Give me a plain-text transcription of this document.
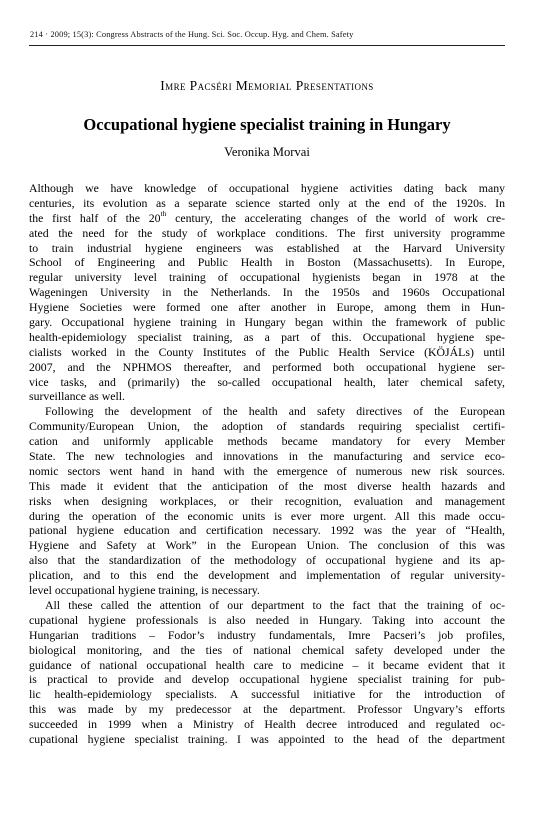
214 · 2009; 15(3): Congress Abstracts of the Hung. Sci. Soc. Occup. Hyg. and Chem. Safety
Imre Pacséri Memorial Presentations
Occupational hygiene specialist training in Hungary
Veronika Morvai
Although we have knowledge of occupational hygiene activities dating back many
centuries, its evolution as a separate science started only at the end of the 1920s. In
the first half of the 20th century, the accelerating changes of the world of work cre-
ated the need for the study of workplace conditions. The first university programme
to train industrial hygiene engineers was established at the Harvard University
School of Engineering and Public Health in Boston (Massachusetts). In Europe,
regular university level training of occupational hygienists began in 1978 at the
Wageningen University in the Netherlands. In the 1950s and 1960s Occupational
Hygiene Societies were formed one after another in Europe, among them in Hun-
gary. Occupational hygiene training in Hungary began within the framework of public
health-epidemiology specialist training, as a part of this. Occupational hygiene spe-
cialists worked in the County Institutes of the Public Health Service (KÖJÁLs) until
2007, and the NPHMOS thereafter, and performed both occupational hygiene ser-
vice tasks, and (primarily) the so-called occupational health, later chemical safety,
surveillance as well.
Following the development of the health and safety directives of the European
Community/European Union, the adoption of standards requiring specialist certifi-
cation and uniformly applicable methods became mandatory for every Member
State. The new technologies and innovations in the manufacturing and service eco-
nomic sectors went hand in hand with the emergence of numerous new risk sources.
This made it evident that the anticipation of the most diverse health hazards and
risks when designing workplaces, or their recognition, evaluation and management
during the operation of the economic units is ever more urgent. All this made occu-
pational hygiene education and certification necessary. 1992 was the year of “Health,
Hygiene and Safety at Work” in the European Union. The conclusion of this was
also that the standardization of the methodology of occupational hygiene and its ap-
plication, and to this end the development and implementation of regular university-
level occupational hygiene training, is necessary.
All these called the attention of our department to the fact that the training of oc-
cupational hygiene professionals is also needed in Hungary. Taking into account the
Hungarian traditions – Fodor’s industry fundamentals, Imre Pacseri’s job profiles,
biological monitoring, and the ties of national chemical safety developed under the
guidance of national occupational health care to medicine – it became evident that it
is practical to provide and develop occupational hygiene specialist training for pub-
lic health-epidemiology specialists. A successful initiative for the introduction of
this was made by my predecessor at the department. Professor Ungvary’s efforts
succeeded in 1999 when a Ministry of Health decree introduced and regulated oc-
cupational hygiene specialist training. I was appointed to the head of the department
